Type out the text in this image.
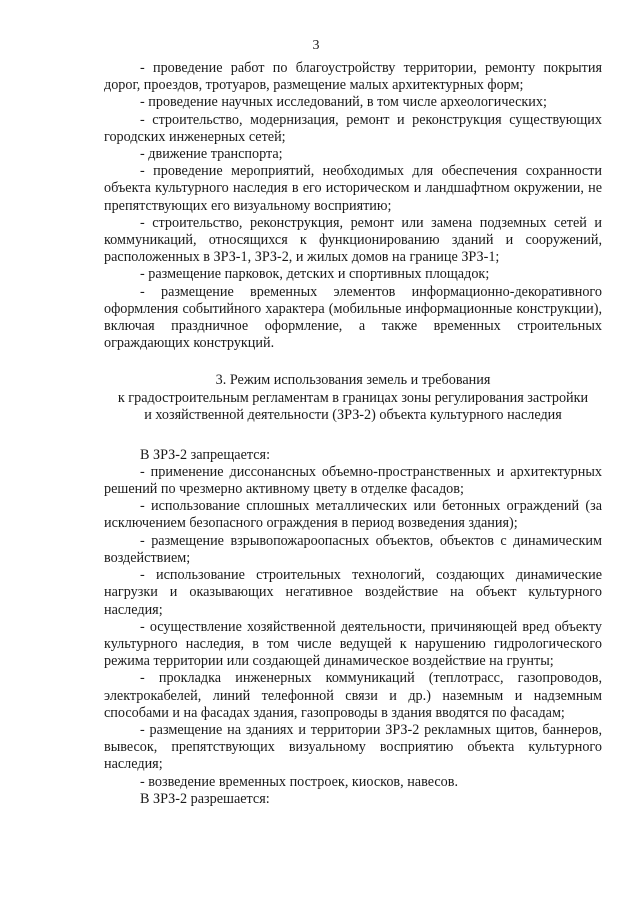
3

- проведение работ по благоустройству территории, ремонту покрытия дорог, проездов, тротуаров, размещение малых архитектурных форм;

- проведение научных исследований, в том числе археологических;

- строительство, модернизация, ремонт и реконструкция существующих городских инженерных сетей;

- движение транспорта;

- проведение мероприятий, необходимых для обеспечения сохранности объекта культурного наследия в его историческом и ландшафтном окружении, не препятствующих его визуальному восприятию;

- строительство, реконструкция, ремонт или замена подземных сетей и коммуникаций, относящихся к функционированию зданий и сооружений, расположенных в ЗРЗ-1, ЗРЗ-2, и жилых домов на границе ЗРЗ-1;

- размещение парковок, детских и спортивных площадок;

- размещение временных элементов информационно-декоративного оформления событийного характера (мобильные информационные конструкции), включая праздничное оформление, а также временных строительных ограждающих конструкций.

3. Режим использования земель и требования
к градостроительным регламентам в границах зоны регулирования застройки
и хозяйственной деятельности (ЗРЗ-2) объекта культурного наследия

В ЗРЗ-2 запрещается:

- применение диссонансных объемно-пространственных и архитектурных решений по чрезмерно активному цвету в отделке фасадов;

- использование сплошных металлических или бетонных ограждений (за исключением безопасного ограждения в период возведения здания);

- размещение взрывопожароопасных объектов, объектов с динамическим воздействием;

- использование строительных технологий, создающих динамические нагрузки и оказывающих негативное воздействие на объект культурного наследия;

- осуществление хозяйственной деятельности, причиняющей вред объекту культурного наследия, в том числе ведущей к нарушению гидрологического режима территории или создающей динамическое воздействие на грунты;

- прокладка инженерных коммуникаций (теплотрасс, газопроводов, электрокабелей, линий телефонной связи и др.) наземным и надземным способами и на фасадах здания, газопроводы в здания вводятся по фасадам;

- размещение на зданиях и территории ЗРЗ-2 рекламных щитов, баннеров, вывесок, препятствующих визуальному восприятию объекта культурного наследия;

- возведение временных построек, киосков, навесов.

В ЗРЗ-2 разрешается:
